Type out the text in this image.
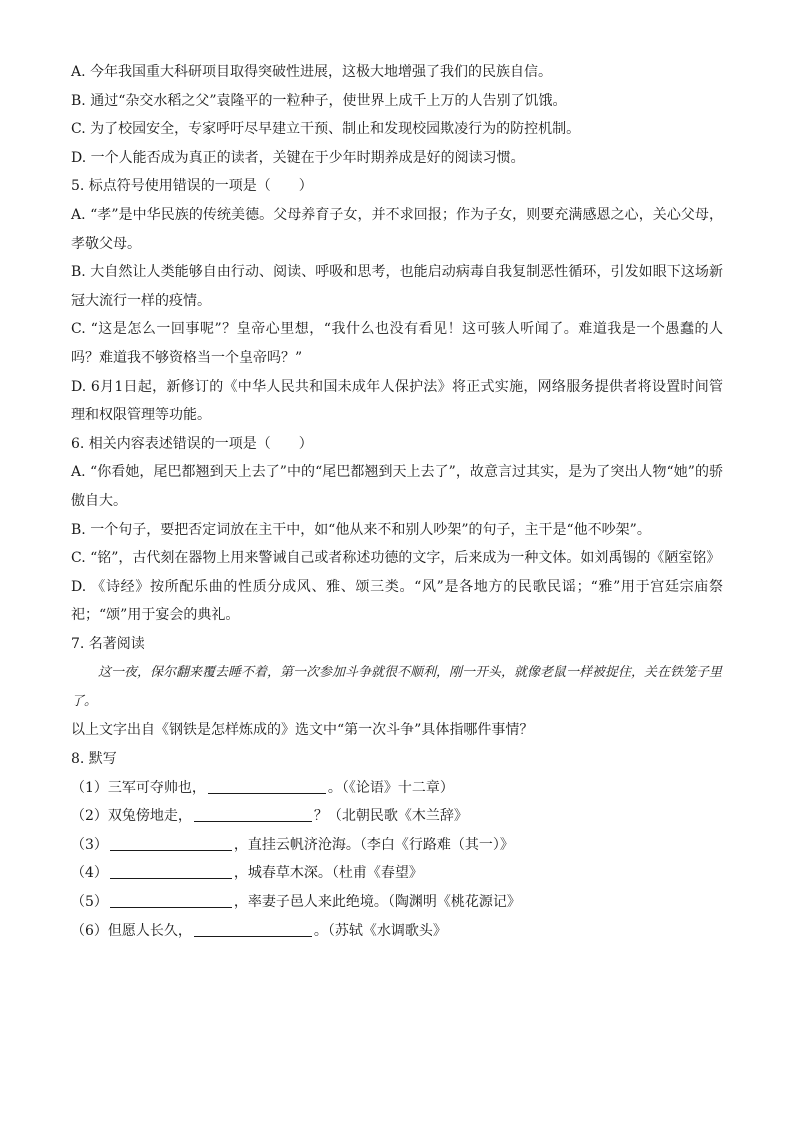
A. 今年我国重大科研项目取得突破性进展，这极大地增强了我们的民族自信。
B. 通过“杂交水稻之父”袁隆平的一粒种子，使世界上成千上万的人告别了饥饿。
C. 为了校园安全，专家呼吁尽早建立干预、制止和发现校园欺凌行为的防控机制。
D. 一个人能否成为真正的读者，关键在于少年时期养成是好的阅读习惯。
5. 标点符号使用错误的一项是（　　）
A. “孝”是中华民族的传统美德。父母养育子女，并不求回报；作为子女，则要充满感恩之心，关心父母，孝敬父母。
B. 大自然让人类能够自由行动、阅读、呼吸和思考，也能启动病毒自我复制恶性循环，引发如眼下这场新冠大流行一样的疫情。
C. “这是怎么一回事呢”？皇帝心里想，“我什么也没有看见！这可骇人听闻了。难道我是一个愚蠢的人吗？难道我不够资格当一个皇帝吗？”
D. 6月1日起，新修订的《中华人民共和国未成年人保护法》将正式实施，网络服务提供者将设置时间管理和权限管理等功能。
6. 相关内容表述错误的一项是（　　）
A. “你看她，尾巴都翘到天上去了”中的“尾巴都翘到天上去了”，故意言过其实，是为了突出人物“她”的骄傲自大。
B. 一个句子，要把否定词放在主干中，如“他从来不和别人吵架”的句子，主干是“他不吵架”。
C. “铭”，古代刻在器物上用来警诫自己或者称述功德的文字，后来成为一种文体。如刘禹锡的《陋室铭》
D. 《诗经》按所配乐曲的性质分成风、雅、颂三类。“风”是各地方的民歌民谣；“雅”用于宫廷宗庙祭祀；“颂”用于宴会的典礼。
7. 名著阅读
这一夜，保尔翻来覆去睡不着，第一次参加斗争就很不顺利，刚一开头，就像老鼠一样被捉住，关在铁笼子里了。
以上文字出自《钢铁是怎样炼成的》选文中“第一次斗争”具体指哪件事情？
8. 默写
（1）三军可夺帅也，	。（《论语》十二章）
（2）双兔傍地走，	？（北朝民歌《木兰辞》
（3）	，直挂云帆济沧海。（李白《行路难（其一）》
（4）	，城春草木深。（杜甫《春望》
（5）	，率妻子邑人来此绝境。（陶渊明《桃花源记》
（6）但愿人长久，	。（苏轼《水调歌头》
